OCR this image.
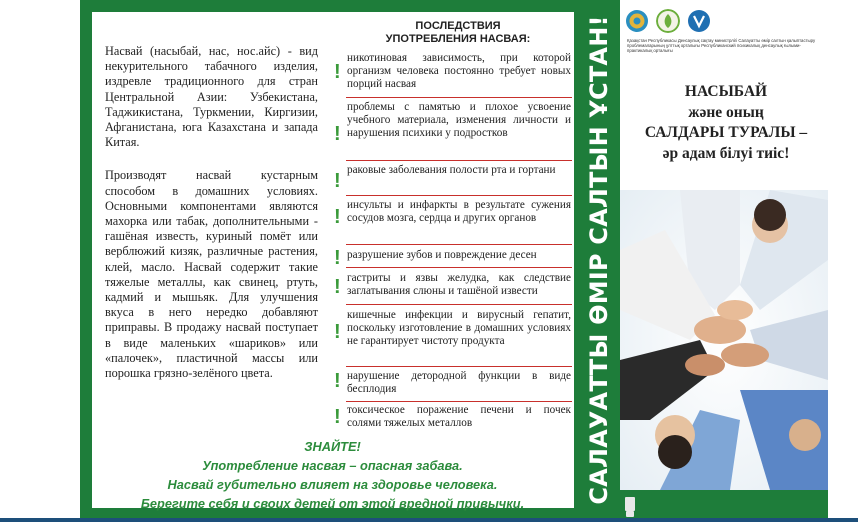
Насвай (насыбай, нас, нос.айс) - вид некурительного табачного изделия, издревле традиционного для стран Центральной Азии: Узбекистана, Таджикистана, Туркмении, Киргизии, Афганистана, юга Казахстана и запада Китая.

Производят насвай кустарным способом в домашних условиях. Основными компонентами являются махорка или табак, дополнительными - гашёная известь, куриный помёт или верблюжий кизяк, различные растения, клей, масло. Насвай содержит такие тяжелые металлы, как свинец, ртуть, кадмий и мышьяк. Для улучшения вкуса в него нередко добавляют приправы. В продажу насвай поступает в виде маленьких «шариков» или «палочек», пластичной массы или порошка грязно-зелёного цвета.

ПОСЛЕДСТВИЯ
УПОТРЕБЛЕНИЯ НАСВАЯ:
!
!
!
!
!
!
!
!
!
никотиновая зависимость, при которой организм человека постоянно требует новых порций насвая
проблемы с памятью и плохое усвоение учебного материала, изменения личности и нарушения психики у подростков
раковые заболевания полости рта и гортани
инсульты и инфаркты в результате сужения сосудов мозга, сердца и других органов
разрушение зубов и повреждение десен
гастриты и язвы желудка, как следствие заглатывания слюны и ташёной извести
кишечные инфекции и вирусный гепатит, поскольку изготовление в домашних условиях не гарантирует чистоту продукта
нарушение детородной функции в виде бесплодия
токсическое поражение печени и почек солями тяжелых металлов
ЗНАЙТЕ!
Употребление насвая – опасная забава.
Насвай губительно влияет на здоровье человека.
Берегите себя и своих детей от этой вредной привычки.	САЛАУАТТЫ ӨМІР САЛТЫН ҰСТАН!	Қазақстан Республикасы Денсаулық сақтау министрлігі Салауатты өмір салтын қалыптастыру проблемаларының ұлттық орталығы Республиканский психикалық денсаулық ғылыми-практикалық орталығы
НАСЫБАЙ
және оның
САЛДАРЫ ТУРАЛЫ –
әр адам білуі тиіс!
